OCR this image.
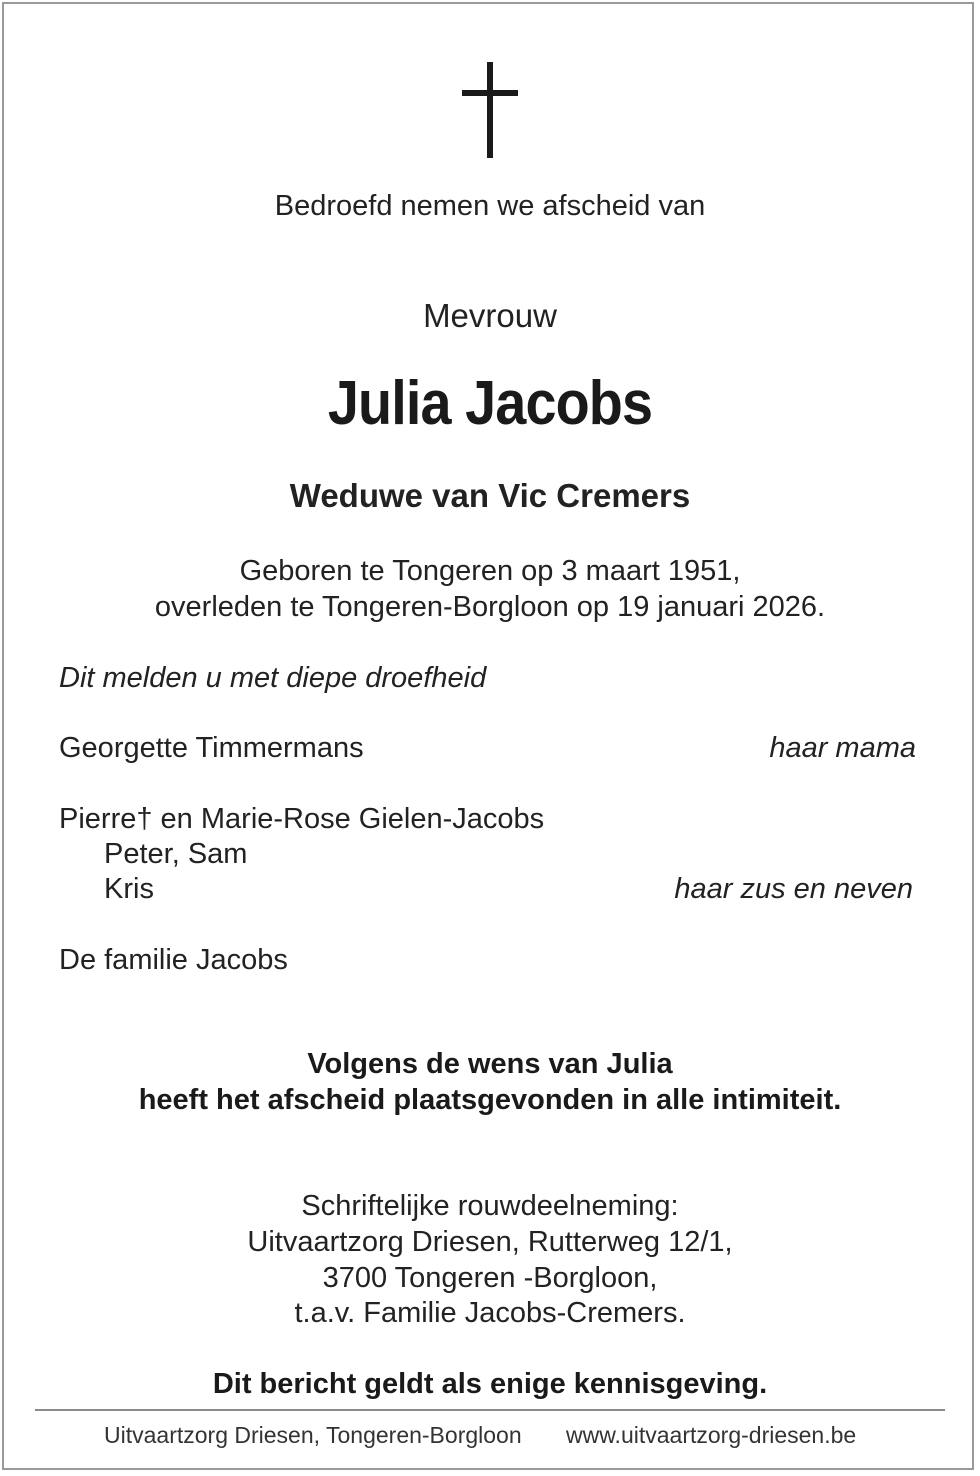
Bedroefd nemen we afscheid van
Mevrouw
Julia Jacobs
Weduwe van Vic Cremers
Geboren te Tongeren op 3 maart 1951,
overleden te Tongeren-Borgloon op 19 januari 2026.
Dit melden u met diepe droefheid
Georgette Timmermans	haar mama
Pierre† en Marie-Rose Gielen-Jacobs
Peter, Sam
Kris	haar zus en neven
De familie Jacobs
Volgens de wens van Julia
heeft het afscheid plaatsgevonden in alle intimiteit.
Schriftelijke rouwdeelneming:
Uitvaartzorg Driesen, Rutterweg 12/1,
3700 Tongeren -Borgloon,
t.a.v. Familie Jacobs-Cremers.
Dit bericht geldt als enige kennisgeving.
Uitvaartzorg Driesen, Tongeren-Borgloon www.uitvaartzorg-driesen.be
